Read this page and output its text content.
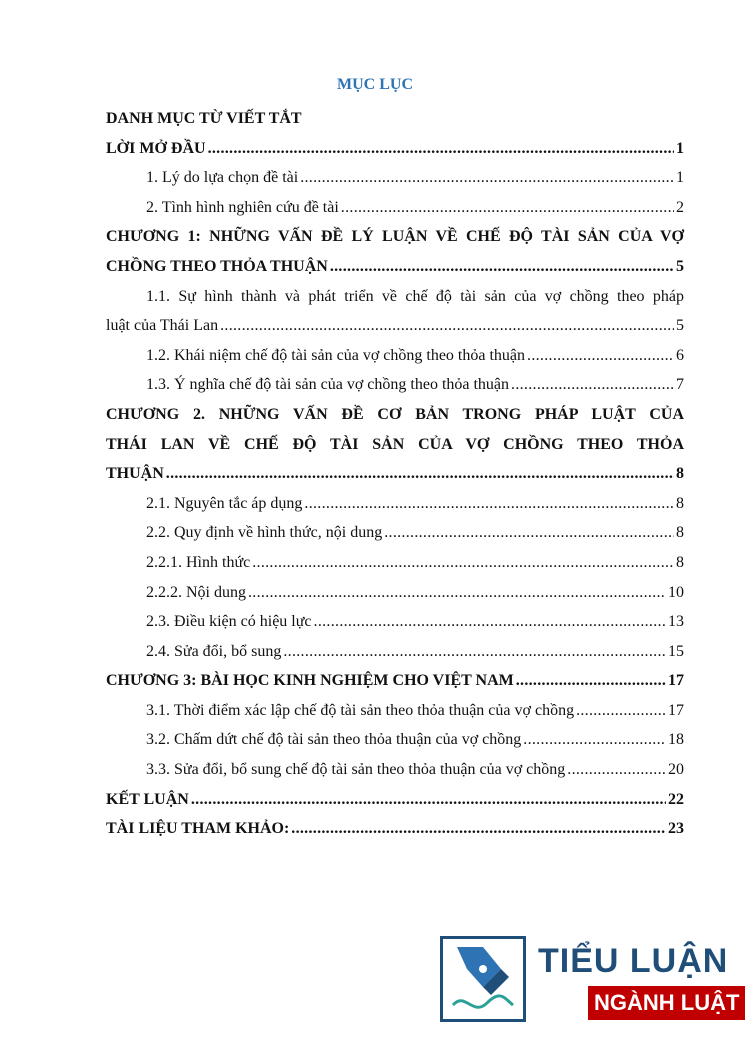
MỤC LỤC
DANH MỤC TỪ VIẾT TẮT
LỜI MỞ ĐẦU .....	1
1. Lý do lựa chọn đề tài .....	1
2. Tình hình nghiên cứu đề tài .....	2
CHƯƠNG 1: NHỮNG VẤN ĐỀ LÝ LUẬN VỀ CHẾ ĐỘ TÀI SẢN CỦA VỢ
CHỒNG THEO THỎA THUẬN .....	5
1.1. Sự hình thành và phát triển về chế độ tài sản của vợ chồng theo pháp
luật của Thái Lan .....	5
1.2. Khái niệm chế độ tài sản của vợ chồng theo thỏa thuận .....	6
1.3. Ý nghĩa chế độ tài sản của vợ chồng theo thỏa thuận .....	7
CHƯƠNG 2. NHỮNG VẤN ĐỀ CƠ BẢN TRONG PHÁP LUẬT CỦA
THÁI LAN VỀ CHẾ ĐỘ TÀI SẢN CỦA VỢ CHỒNG THEO THỎA
THUẬN .....	8
2.1. Nguyên tắc áp dụng .....	8
2.2. Quy định về hình thức, nội dung .....	8
2.2.1. Hình thức .....	8
2.2.2. Nội dung .....	10
2.3. Điều kiện có hiệu lực .....	13
2.4. Sửa đổi, bổ sung .....	15
CHƯƠNG 3: BÀI HỌC KINH NGHIỆM CHO VIỆT NAM .....	17
3.1. Thời điểm xác lập chế độ tài sản theo thỏa thuận của vợ chồng .....	17
3.2. Chấm dứt chế độ tài sản theo thỏa thuận của vợ chồng .....	18
3.3. Sửa đổi, bổ sung chế độ tài sản theo thỏa thuận của vợ chồng .....	20
KẾT LUẬN .....	22
TÀI LIỆU THAM KHẢO: .....	23
TIỂU LUẬN
NGÀNH LUẬT
